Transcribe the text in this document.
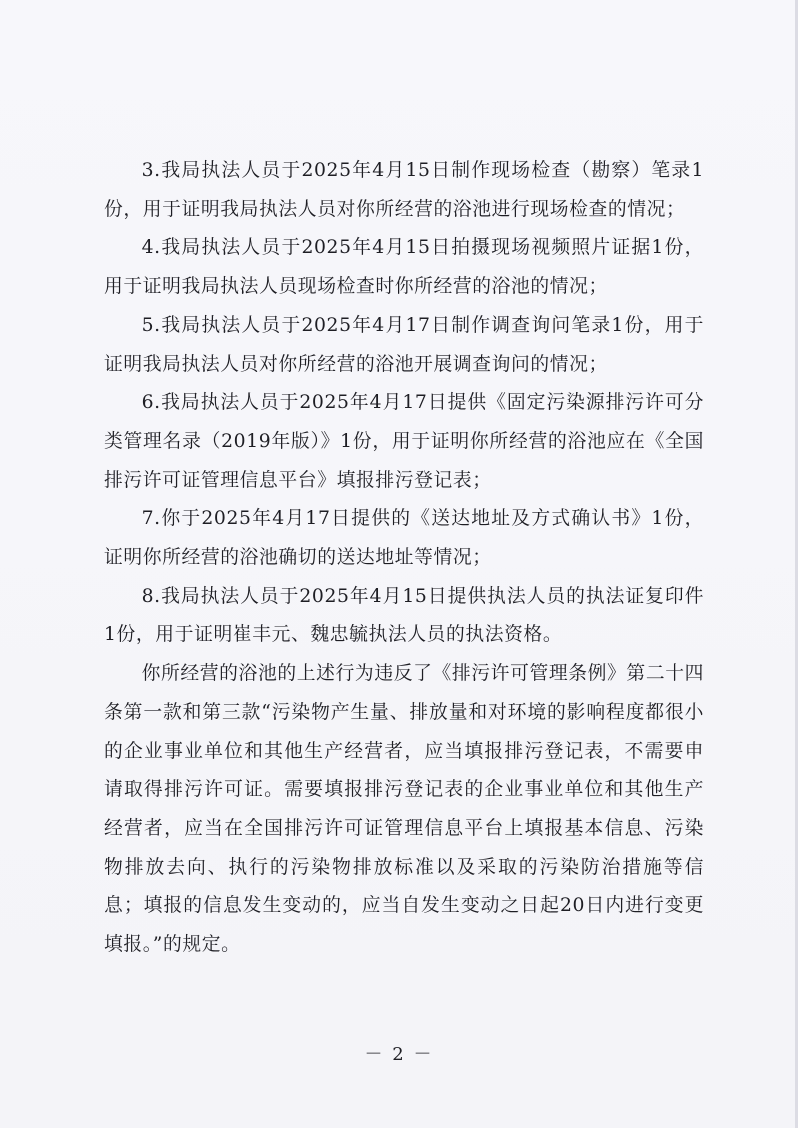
3.我局执法人员于2025年4月15日制作现场检查（勘察）笔录1份，用于证明我局执法人员对你所经营的浴池进行现场检查的情况；

4.我局执法人员于2025年4月15日拍摄现场视频照片证据1份，用于证明我局执法人员现场检查时你所经营的浴池的情况；

5.我局执法人员于2025年4月17日制作调查询问笔录1份，用于证明我局执法人员对你所经营的浴池开展调查询问的情况；

6.我局执法人员于2025年4月17日提供《固定污染源排污许可分类管理名录（2019年版）》1份，用于证明你所经营的浴池应在《全国排污许可证管理信息平台》填报排污登记表；

7.你于2025年4月17日提供的《送达地址及方式确认书》1份，证明你所经营的浴池确切的送达地址等情况；

8.我局执法人员于2025年4月15日提供执法人员的执法证复印件1份，用于证明崔丰元、魏忠毓执法人员的执法资格。

你所经营的浴池的上述行为违反了《排污许可管理条例》第二十四条第一款和第三款“污染物产生量、排放量和对环境的影响程度都很小的企业事业单位和其他生产经营者，应当填报排污登记表，不需要申请取得排污许可证。需要填报排污登记表的企业事业单位和其他生产经营者，应当在全国排污许可证管理信息平台上填报基本信息、污染物排放去向、执行的污染物排放标准以及采取的污染防治措施等信息；填报的信息发生变动的，应当自发生变动之日起20日内进行变更填报。”的规定。

－ 2 －
